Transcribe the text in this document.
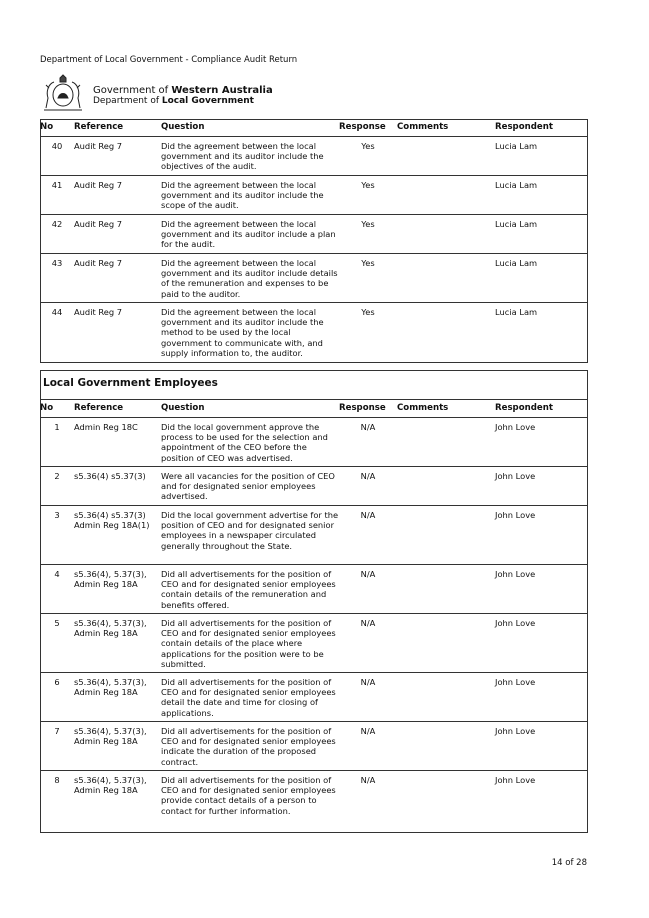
Department of Local Government - Compliance Audit Return
Government of Western Australia
Department of Local Government
No	Reference	Question	Response	Comments	Respondent
40	Audit Reg 7	Did the agreement between the local government and its auditor include the objectives of the audit.	Yes		Lucia Lam
41	Audit Reg 7	Did the agreement between the local government and its auditor include the scope of the audit.	Yes		Lucia Lam
42	Audit Reg 7	Did the agreement between the local government and its auditor include a plan for the audit.	Yes		Lucia Lam
43	Audit Reg 7	Did the agreement between the local government and its auditor include details of the remuneration and expenses to be paid to the auditor.	Yes		Lucia Lam
44	Audit Reg 7	Did the agreement between the local government and its auditor include the method to be used by the local government to communicate with, and supply information to, the auditor.	Yes		Lucia Lam
Local Government Employees
No	Reference	Question	Response	Comments	Respondent
1	Admin Reg 18C	Did the local government approve the process to be used for the selection and appointment of the CEO before the position of CEO was advertised.	N/A		John Love
2	s5.36(4) s5.37(3)	Were all vacancies for the position of CEO and for designated senior employees advertised.	N/A		John Love
3	s5.36(4) s5.37(3) Admin Reg 18A(1)	Did the local government advertise for the position of CEO and for designated senior employees in a newspaper circulated generally throughout the State.	N/A		John Love
4	s5.36(4), 5.37(3), Admin Reg 18A	Did all advertisements for the position of CEO and for designated senior employees contain details of the remuneration and benefits offered.	N/A		John Love
5	s5.36(4), 5.37(3), Admin Reg 18A	Did all advertisements for the position of CEO and for designated senior employees contain details of the place where applications for the position were to be submitted.	N/A		John Love
6	s5.36(4), 5.37(3), Admin Reg 18A	Did all advertisements for the position of CEO and for designated senior employees detail the date and time for closing of applications.	N/A		John Love
7	s5.36(4), 5.37(3), Admin Reg 18A	Did all advertisements for the position of CEO and for designated senior employees indicate the duration of the proposed contract.	N/A		John Love
8	s5.36(4), 5.37(3), Admin Reg 18A	Did all advertisements for the position of CEO and for designated senior employees provide contact details of a person to contact for further information.	N/A		John Love
14 of 28
